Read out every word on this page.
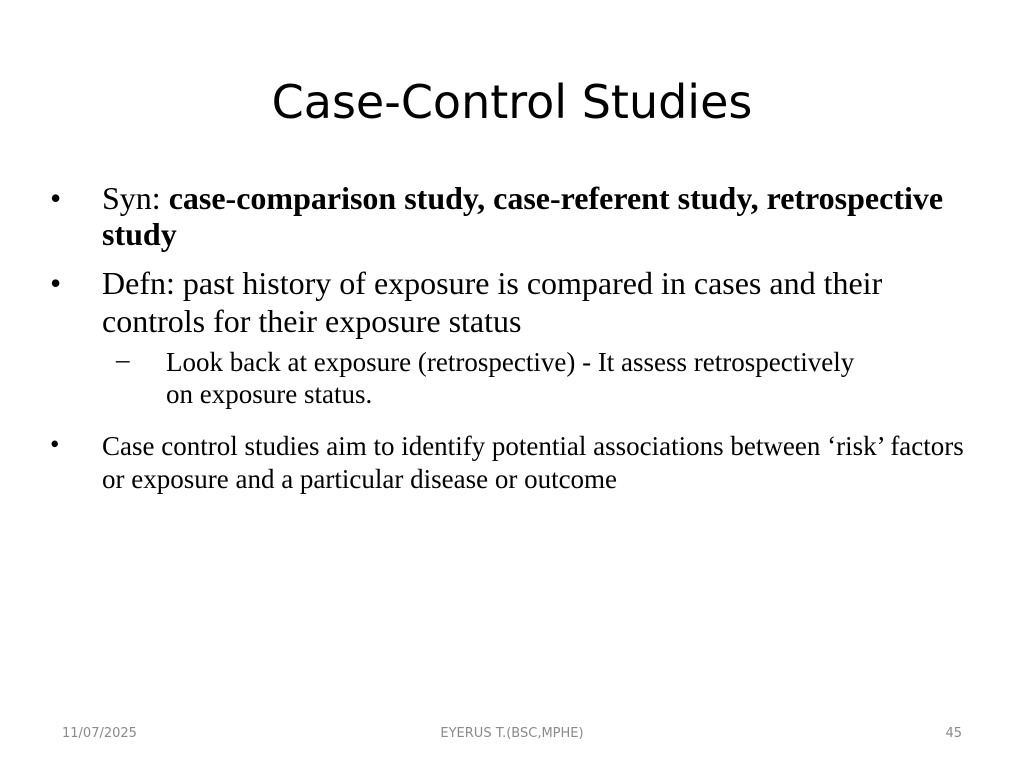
Case-Control Studies
• Syn: case-comparison study, case-referent study, retrospective study
• Defn: past history of exposure is compared in cases and their controls for their exposure status
– Look back at exposure (retrospective) - It assess retrospectively on exposure status.
• Case control studies aim to identify potential associations between ‘risk’ factors or exposure and a particular disease or outcome
11/07/2025	EYERUS T.(BSC,MPHE)	45
